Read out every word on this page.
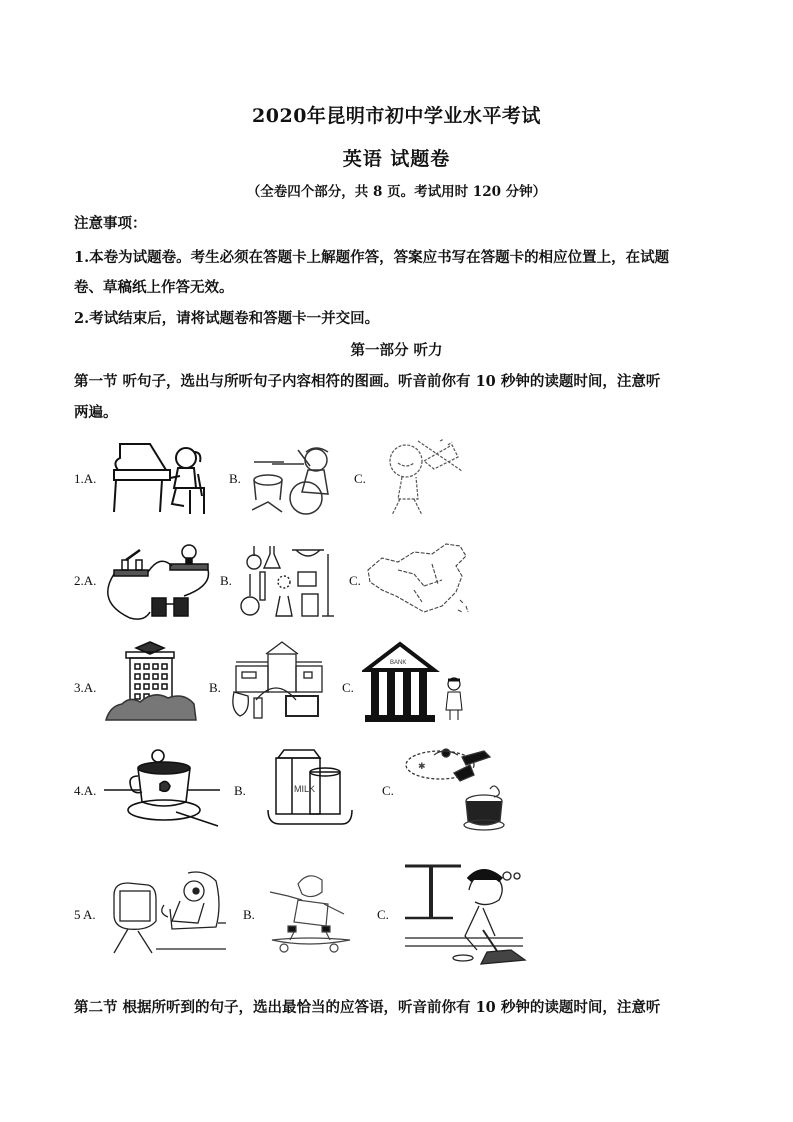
2020年昆明市初中学业水平考试
英语 试题卷
（全卷四个部分，共 8 页。考试用时 120 分钟）
注意事项：
1.本卷为试题卷。考生必须在答题卡上解题作答，答案应书写在答题卡的相应位置上，在试题
卷、草稿纸上作答无效。
2.考试结束后，请将试题卷和答题卡一并交回。
第一部分 听力
第一节 听句子，选出与所听句子内容相符的图画。听音前你有 10 秒钟的读题时间，注意听
两遍。
1.A.	B.	C.
2.A.	B.	C.
3.A.	B.	C.
BANK
4.A.	B.	MILK	C.
✱
5 A.	B.	C.
第二节 根据所听到的句子，选出最恰当的应答语，听音前你有 10 秒钟的读题时间，注意听
